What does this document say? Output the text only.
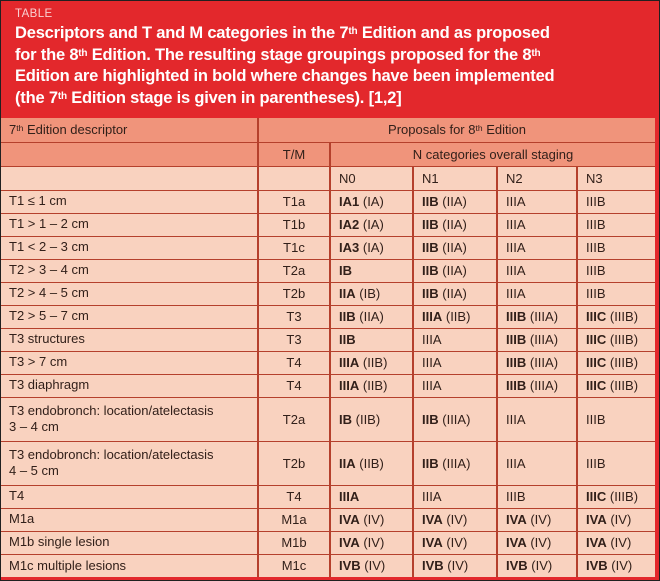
TABLE
Descriptors and T and M categories in the 7th Edition and as proposed
for the 8th Edition. The resulting stage groupings proposed for the 8th
Edition are highlighted in bold where changes have been implemented
(the 7th Edition stage is given in parentheses). [1,2]
7th Edition descriptor	Proposals for 8th Edition				
	T/M	N categories overall staging			
		N0	N1	N2	N3

T1 ≤ 1 cm	T1a	IA1 (IA)	IIB (IIA)	IIIA	IIIB

T1 > 1 – 2 cm	T1b	IA2 (IA)	IIB (IIA)	IIIA	IIIB

T1 < 2 – 3 cm	T1c	IA3 (IA)	IIB (IIA)	IIIA	IIIB

T2 > 3 – 4 cm	T2a	IB	IIB (IIA)	IIIA	IIIB

T2 > 4 – 5 cm	T2b	IIA (IB)	IIB (IIA)	IIIA	IIIB

T2 > 5 – 7 cm	T3	IIB (IIA)	IIIA (IIB)	IIIB (IIIA)	IIIC (IIIB)

T3 structures	T3	IIB	IIIA	IIIB (IIIA)	IIIC (IIIB)

T3 > 7 cm	T4	IIIA (IIB)	IIIA	IIIB (IIIA)	IIIC (IIIB)

T3 diaphragm	T4	IIIA (IIB)	IIIA	IIIB (IIIA)	IIIC (IIIB)

T3 endobronch: location/atelectasis
3 – 4 cm	T2a	IB (IIB)	IIB (IIIA)	IIIA	IIIB

T3 endobronch: location/atelectasis
4 – 5 cm	T2b	IIA (IIB)	IIB (IIIA)	IIIA	IIIB

T4	T4	IIIA	IIIA	IIIB	IIIC (IIIB)

M1a	M1a	IVA (IV)	IVA (IV)	IVA (IV)	IVA (IV)

M1b single lesion	M1b	IVA (IV)	IVA (IV)	IVA (IV)	IVA (IV)

M1c multiple lesions	M1c	IVB (IV)	IVB (IV)	IVB (IV)	IVB (IV)
